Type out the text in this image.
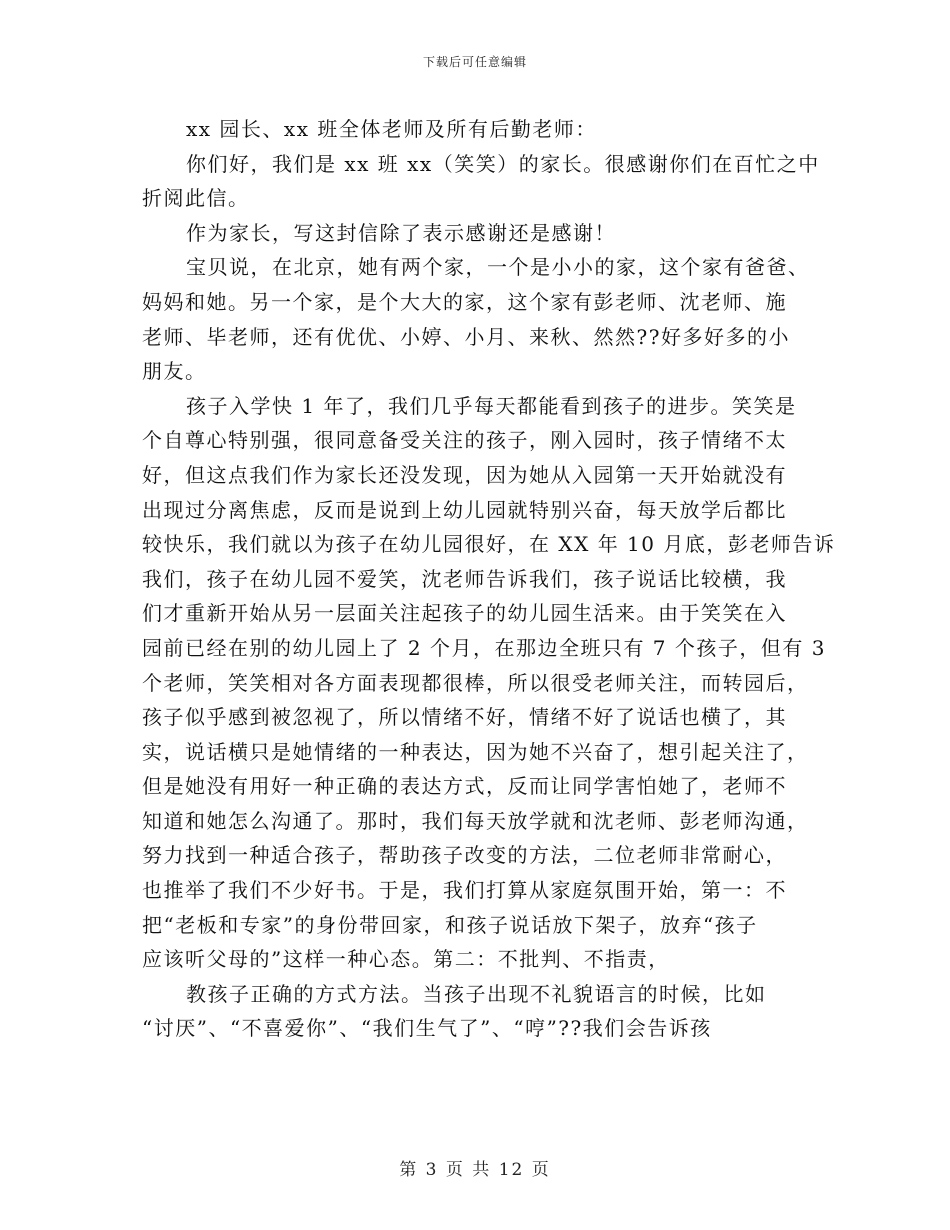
下载后可任意编辑
xx 园长、xx 班全体老师及所有后勤老师：
你们好，我们是 xx 班 xx（笑笑）的家长。很感谢你们在百忙之中
折阅此信。
作为家长，写这封信除了表示感谢还是感谢！
宝贝说，在北京，她有两个家，一个是小小的家，这个家有爸爸、
妈妈和她。另一个家，是个大大的家，这个家有彭老师、沈老师、施
老师、毕老师，还有优优、小婷、小月、来秋、然然??好多好多的小
朋友。
孩子入学快 1 年了，我们几乎每天都能看到孩子的进步。笑笑是
个自尊心特别强，很同意备受关注的孩子，刚入园时，孩子情绪不太
好，但这点我们作为家长还没发现，因为她从入园第一天开始就没有
出现过分离焦虑，反而是说到上幼儿园就特别兴奋，每天放学后都比
较快乐，我们就以为孩子在幼儿园很好，在 XX 年 10 月底，彭老师告诉
我们，孩子在幼儿园不爱笑，沈老师告诉我们，孩子说话比较横，我
们才重新开始从另一层面关注起孩子的幼儿园生活来。由于笑笑在入
园前已经在别的幼儿园上了 2 个月，在那边全班只有 7 个孩子，但有 3
个老师，笑笑相对各方面表现都很棒，所以很受老师关注，而转园后，
孩子似乎感到被忽视了，所以情绪不好，情绪不好了说话也横了，其
实，说话横只是她情绪的一种表达，因为她不兴奋了，想引起关注了，
但是她没有用好一种正确的表达方式，反而让同学害怕她了，老师不
知道和她怎么沟通了。那时，我们每天放学就和沈老师、彭老师沟通，
努力找到一种适合孩子，帮助孩子改变的方法，二位老师非常耐心，
也推举了我们不少好书。于是，我们打算从家庭氛围开始，第一：不
把“老板和专家”的身份带回家，和孩子说话放下架子，放弃“孩子
应该听父母的”这样一种心态。第二：不批判、不指责，
教孩子正确的方式方法。当孩子出现不礼貌语言的时候，比如
“讨厌”、“不喜爱你”、“我们生气了”、“哼”??我们会告诉孩
第 3 页 共 12 页
